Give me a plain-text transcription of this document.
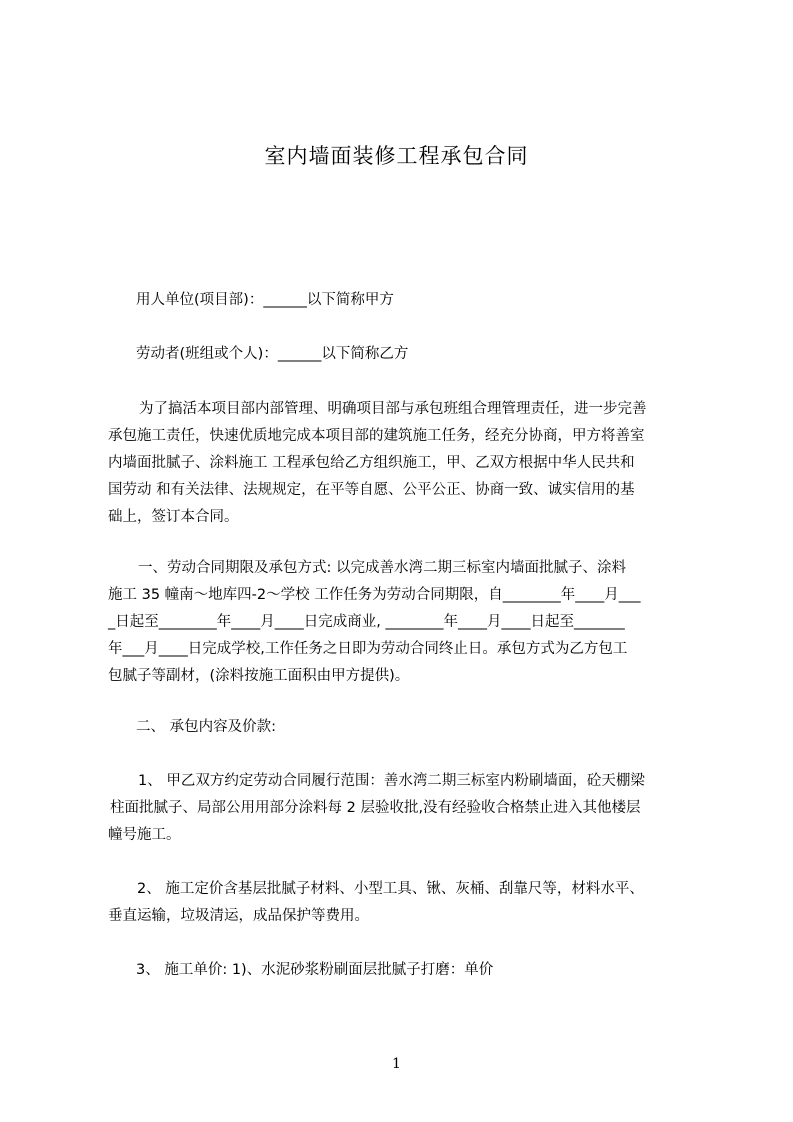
室内墙面装修工程承包合同
用人单位(项目部)：______以下简称甲方
劳动者(班组或个人)：______以下简称乙方
为了搞活本项目部内部管理、明确项目部与承包班组合理管理责任，进一步完善
承包施工责任，快速优质地完成本项目部的建筑施工任务，经充分协商，甲方将善室
内墙面批腻子、涂料施工 工程承包给乙方组织施工，甲、乙双方根据中华人民共和
国劳动 和有关法律、法规规定，在平等自愿、公平公正、协商一致、诚实信用的基
础上，签订本合同。
一、劳动合同期限及承包方式: 以完成善水湾二期三标室内墙面批腻子、涂料
施工 35 幢南～地库四-2～学校 工作任务为劳动合同期限，自________年____月___
_日起至________年____月____日完成商业, ________年____月____日起至_______
年___月____日完成学校,工作任务之日即为劳动合同终止日。承包方式为乙方包工
包腻子等副材，(涂料按施工面积由甲方提供)。
二、 承包内容及价款:
1、 甲乙双方约定劳动合同履行范围：善水湾二期三标室内粉刷墙面，砼天棚梁
柱面批腻子、局部公用用部分涂料每 2 层验收批,没有经验收合格禁止进入其他楼层
幢号施工。
2、 施工定价含基层批腻子材料、小型工具、锹、灰桶、刮靠尺等，材料水平、
垂直运输，垃圾清运，成品保护等费用。
3、 施工单价: 1)、水泥砂浆粉刷面层批腻子打磨：单价
1
